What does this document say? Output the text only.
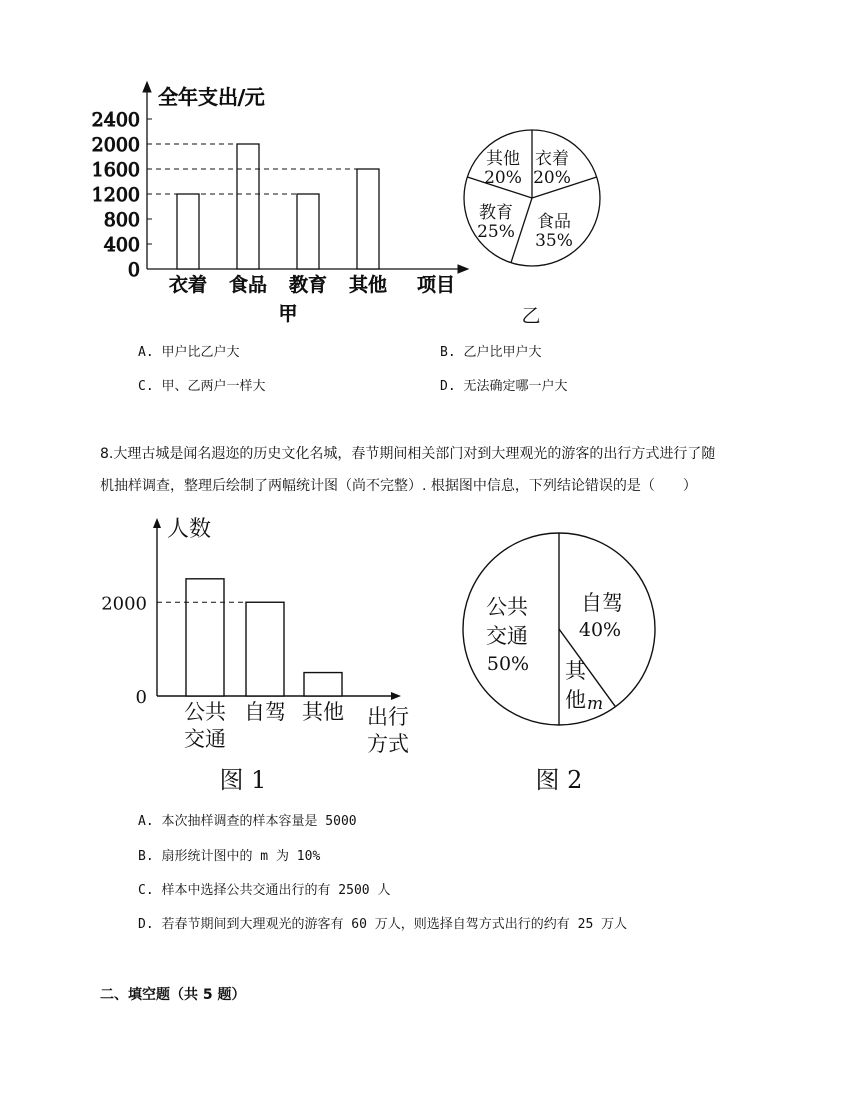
全年支出/元
0
400
800
1200
1600
2000
2400
衣着 食品 教育 其他 项目
甲
衣着
20%
食品
35%
教育
25%
其他
20%
乙
A. 甲户比乙户大	B. 乙户比甲户大
C. 甲、乙两户一样大	D. 无法确定哪一户大
8.大理古城是闻名遐迩的历史文化名城，春节期间相关部门对到大理观光的游客的出行方式进行了随
机抽样调查，整理后绘制了两幅统计图（尚不完整）. 根据图中信息，下列结论错误的是（　　）
人数
0
2000
公共
交通
自驾 其他 出行
方式
图 1
自驾
40%
其
他 m
公共
交通
50%
图 2
A. 本次抽样调查的样本容量是 5000
B. 扇形统计图中的 m 为 10%
C. 样本中选择公共交通出行的有 2500 人
D. 若春节期间到大理观光的游客有 60 万人，则选择自驾方式出行的约有 25 万人
二、填空题（共 5 题）
